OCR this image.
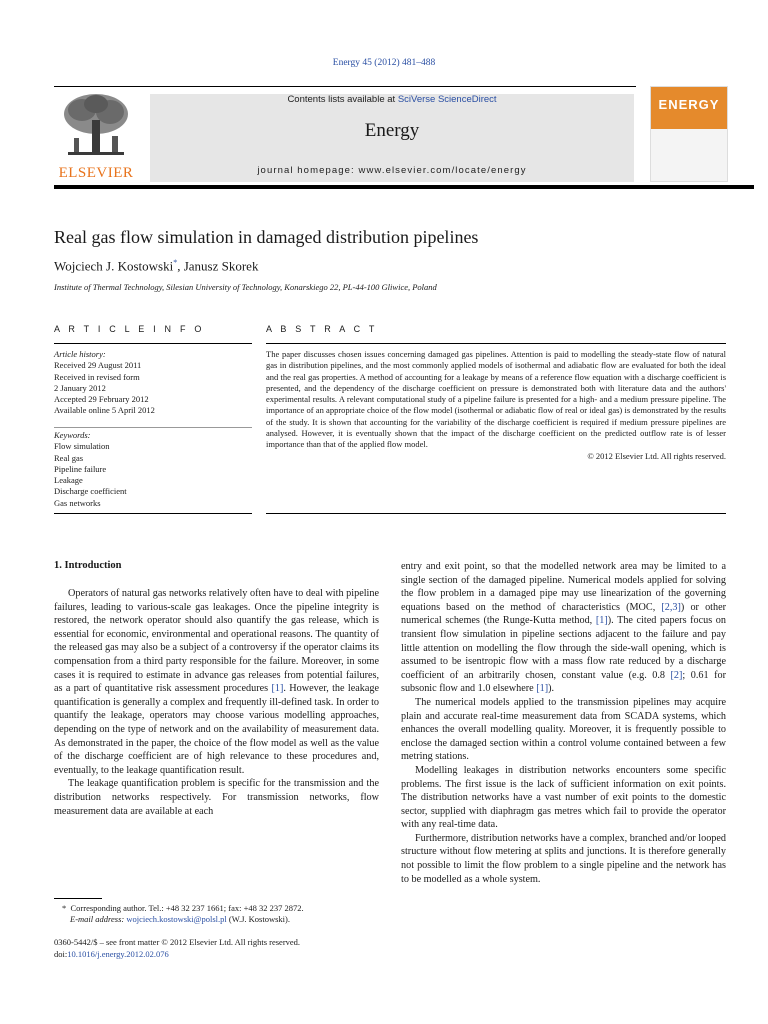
Energy 45 (2012) 481–488
ELSEVIER
Contents lists available at SciVerse ScienceDirect
Energy
journal homepage: www.elsevier.com/locate/energy
ENERGY
Real gas flow simulation in damaged distribution pipelines
Wojciech J. Kostowski*, Janusz Skorek
Institute of Thermal Technology, Silesian University of Technology, Konarskiego 22, PL-44-100 Gliwice, Poland
A R T I C L E I N F O
Article history:
Received 29 August 2011
Received in revised form
2 January 2012
Accepted 29 February 2012
Available online 5 April 2012
Keywords:
Flow simulation
Real gas
Pipeline failure
Leakage
Discharge coefficient
Gas networks
A B S T R A C T
The paper discusses chosen issues concerning damaged gas pipelines. Attention is paid to modelling the steady-state flow of natural gas in distribution pipelines, and the most commonly applied models of isothermal and adiabatic flow are evaluated for both the ideal and the real gas properties. A method of accounting for a leakage by means of a reference flow equation with a discharge coefficient is presented, and the dependency of the discharge coefficient on pressure is demonstrated both with literature data and the authors' experimental results. A relevant computational study of a pipeline failure is presented for a high- and a medium pressure pipeline. The importance of an appropriate choice of the flow model (isothermal or adiabatic flow of real or ideal gas) is demonstrated by the results of the study. It is shown that accounting for the variability of the discharge coefficient is required if medium pressure pipelines are analysed. However, it is eventually shown that the impact of the discharge coefficient on the predicted outflow rate is of lesser importance than that of the applied flow model.
© 2012 Elsevier Ltd. All rights reserved.
1. Introduction

Operators of natural gas networks relatively often have to deal with pipeline failures, leading to various-scale gas leakages. Once the pipeline integrity is restored, the network operator should also quantify the gas release, which is essential for economic, environmental and operational reasons. The quantity of the released gas may also be a subject of a controversy if the operator claims its compensation from a third party responsible for the failure. Moreover, in some cases it is required to estimate in advance gas releases from potential failures, as a part of quantitative risk assessment procedures [1]. However, the leakage quantification is generally a complex and frequently ill-defined task. In order to quantify the leakage, operators may choose various modelling approaches, depending on the type of network and on the availability of measurement data. As demonstrated in the paper, the choice of the flow model as well as the value of the discharge coefficient are of high relevance to these procedures and, eventually, to the leakage quantification result.

The leakage quantification problem is specific for the transmission and the distribution networks respectively. For transmission networks, flow measurement data are available at each

entry and exit point, so that the modelled network area may be limited to a single section of the damaged pipeline. Numerical models applied for solving the flow problem in a damaged pipe may use linearization of the governing equations based on the method of characteristics (MOC, [2,3]) or other numerical schemes (the Runge-Kutta method, [1]). The cited papers focus on transient flow simulation in pipeline sections adjacent to the failure and pay little attention on modelling the flow through the side-wall opening, which is assumed to be isentropic flow with a mass flow rate reduced by a discharge coefficient of an arbitrarily chosen, constant value (e.g. 0.8 [2]; 0.61 for subsonic flow and 1.0 elsewhere [1]).

The numerical models applied to the transmission pipelines may acquire plain and accurate real-time measurement data from SCADA systems, which enhances the overall modelling quality. Moreover, it is frequently possible to enclose the damaged section within a control volume contained between a few metring stations.

Modelling leakages in distribution networks encounters some specific problems. The first issue is the lack of sufficient information on exit points. The distribution networks have a vast number of exit points to the domestic sector, supplied with diaphragm gas metres which fail to provide the operator with any real-time data.

Furthermore, distribution networks have a complex, branched and/or looped structure without flow metering at splits and junctions. It is therefore generally not possible to limit the flow problem to a single pipeline and the network has to be modelled as a whole system.

* Corresponding author. Tel.: +48 32 237 1661; fax: +48 32 237 2872.
E-mail address: wojciech.kostowski@polsl.pl (W.J. Kostowski).
0360-5442/$ – see front matter © 2012 Elsevier Ltd. All rights reserved.
doi:10.1016/j.energy.2012.02.076
